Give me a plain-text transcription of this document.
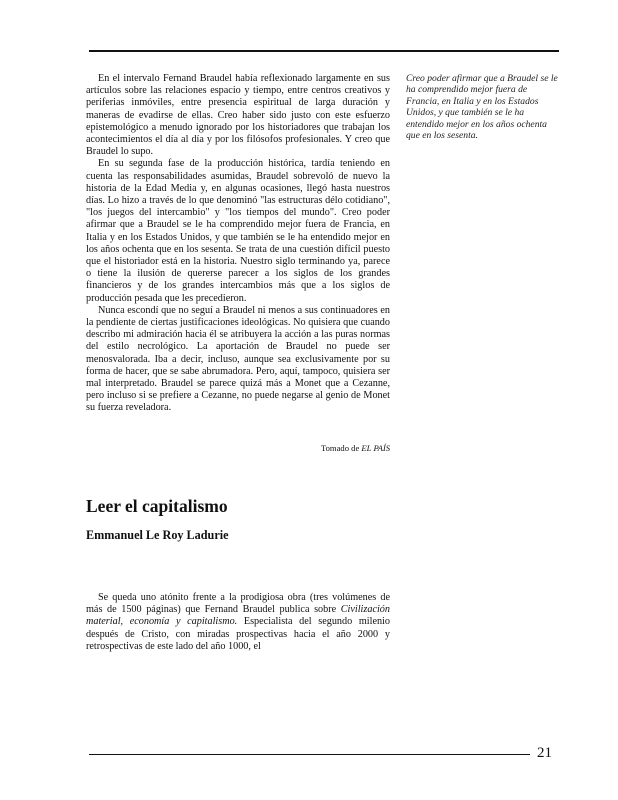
En el intervalo Fernand Braudel había reflexionado largamente en sus artículos sobre las relaciones espacio y tiempo, entre centros creativos y periferias inmóviles, entre presencia espiritual de larga duración y maneras de evadirse de ellas. Creo haber sido justo con este esfuerzo epistemológico a menudo ignorado por los historiadores que trabajan los acontecimientos el día al día y por los filósofos profesionales. Y creo que Braudel lo supo.

En su segunda fase de la producción histórica, tardía teniendo en cuenta las responsabilidades asumidas, Braudel sobrevoló de nuevo la historia de la Edad Media y, en algunas ocasiones, llegó hasta nuestros días. Lo hizo a través de lo que denominó "las estructuras délo cotidiano", "los juegos del intercambio" y "los tiempos del mundo". Creo poder afirmar que a Braudel se le ha comprendido mejor fuera de Francia, en Italia y en los Estados Unidos, y que también se le ha entendido mejor en los años ochenta que en los sesenta. Se trata de una cuestión difícil puesto que el historiador está en la historia. Nuestro siglo terminando ya, parece o tiene la ilusión de quererse parecer a los siglos de los grandes financieros y de los grandes intercambios más que a los siglos de producción pesada que les precedieron.

Nunca escondí que no seguí a Braudel ni menos a sus continuadores en la pendiente de ciertas justificaciones ideológicas. No quisiera que cuando describo mi admiración hacia él se atribuyera la acción a las puras normas del estilo necrológico. La aportación de Braudel no puede ser menosvalorada. Iba a decir, incluso, aunque sea exclusivamente por su forma de hacer, que se sabe abrumadora. Pero, aquí, tampoco, quisiera ser mal interpretado. Braudel se parece quizá más a Monet que a Cezanne, pero incluso si se prefiere a Cezanne, no puede negarse al genio de Monet su fuerza reveladora.

Tomado de EL PAÍS
Creo poder afirmar que a Braudel se le ha comprendido mejor fuera de Francia, en Italia y en los Estados Unidos, y que también se le ha entendido mejor en los años ochenta que en los sesenta.
Leer el capitalismo
Emmanuel Le Roy Ladurie

Se queda uno atónito frente a la prodigiosa obra (tres volúmenes de más de 1500 páginas) que Fernand Braudel publica sobre Civilización material, economía y capitalismo. Especialista del segundo milenio después de Cristo, con miradas prospectivas hacia el año 2000 y retrospectivas de este lado del año 1000, el

21
